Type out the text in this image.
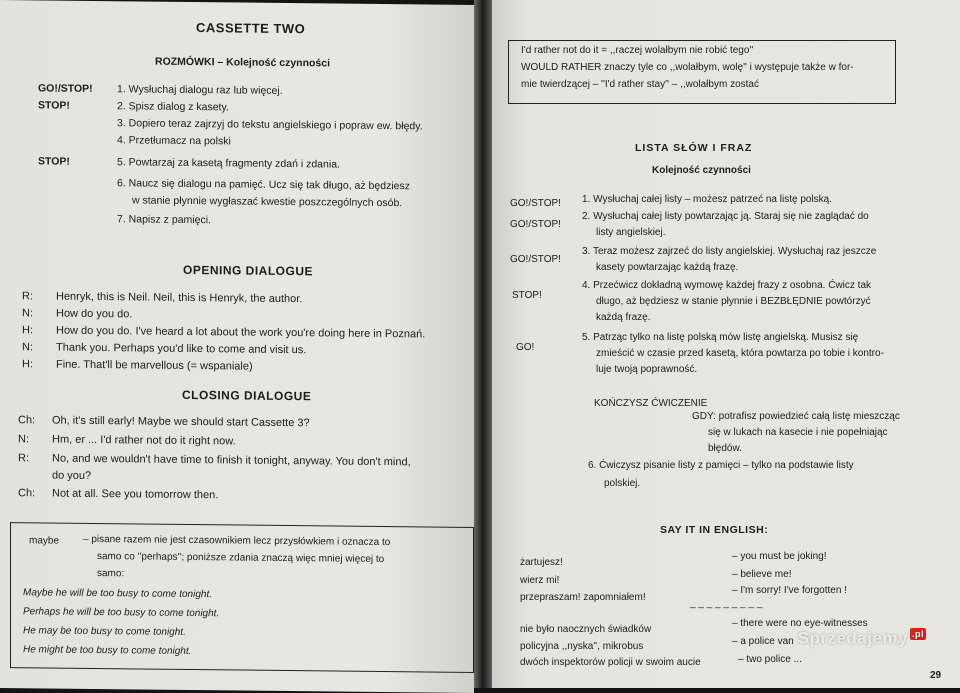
CASSETTE TWO
ROZMÓWKI – Kolejność czynności
GO!/STOP! 1. Wysłuchaj dialogu raz lub więcej.
STOP!	2. Spisz dialog z kasety.
3. Dopiero teraz zajrzyj do tekstu angielskiego i popraw ew. błędy.
4. Przetłumacz na polski
STOP!	5. Powtarzaj za kasetą fragmenty zdań i zdania.
6. Naucz się dialogu na pamięć. Ucz się tak długo, aż będziesz
w stanie płynnie wygłaszać kwestie poszczególnych osób.
7. Napisz z pamięci.
OPENING DIALOGUE
R: Henryk, this is Neil. Neil, this is Henryk, the author.
N: How do you do.
H: How do you do. I've heard a lot about the work you're doing here in Poznań.
N: Thank you. Perhaps you'd like to come and visit us.
H: Fine. That'll be marvellous (= wspaniale)
CLOSING DIALOGUE
Ch: Oh, it's still early! Maybe we should start Cassette 3?
N: Hm, er ... I'd rather not do it right now.
R: No, and we wouldn't have time to finish it tonight, anyway. You don't mind,
do you?
Ch: Not at all. See you tomorrow then.
maybe – pisane razem nie jest czasownikiem lecz przysłówkiem i oznacza to
samo co ''perhaps''; poniższe zdania znaczą więc mniej więcej to
samo:
Maybe he will be too busy to come tonight.
Perhaps he will be too busy to come tonight.
He may be too busy to come tonight.
He might be too busy to come tonight.
I'd rather not do it = ,,raczej wolałbym nie robić tego''
WOULD RATHER znaczy tyle co ,,wolałbym, wolę'' i występuje także w for-
mie twierdzącej – ''I'd rather stay'' – ,,wolałbym zostać
LISTA SŁÓW I FRAZ
Kolejność czynności
GO!/STOP! 1. Wysłuchaj całej listy – możesz patrzeć na listę polską.
GO!/STOP!
2. Wysłuchaj całej listy powtarzając ją. Staraj się nie zaglądać do
listy angielskiej.
GO!/STOP!
3. Teraz możesz zajrzeć do listy angielskiej. Wysłuchaj raz jeszcze
kasety powtarzając każdą frazę.
STOP!
4. Przećwicz dokładną wymowę każdej frazy z osobna. Ćwicz tak
długo, aż będziesz w stanie płynnie i BEZBŁĘDNIE powtórzyć
każdą frazę.
GO!
5. Patrząc tylko na listę polską mów listę angielską. Musisz się
zmieścić w czasie przed kasetą, która powtarza po tobie i kontro-
luje twoją poprawność.
KOŃCZYSZ ĆWICZENIE
GDY: potrafisz powiedzieć całą listę mieszcząc
się w lukach na kasecie i nie popełniając
błędów.
6. Ćwiczysz pisanie listy z pamięci – tylko na podstawie listy
polskiej.
SAY IT IN ENGLISH:
żartujesz!
– you must be joking!
wierz mi!
– believe me!
przepraszam! zapomniałem!
– I'm sorry! I've forgotten !
_ _ _ _ _ _ _ _ _
nie było naocznych świadków
– there were no eye-witnesses
policyjna ,,nyska'', mikrobus	– a police van
dwóch inspektorów policji w swoim aucie	– two police ...
29
Sprzedajemy .pl
